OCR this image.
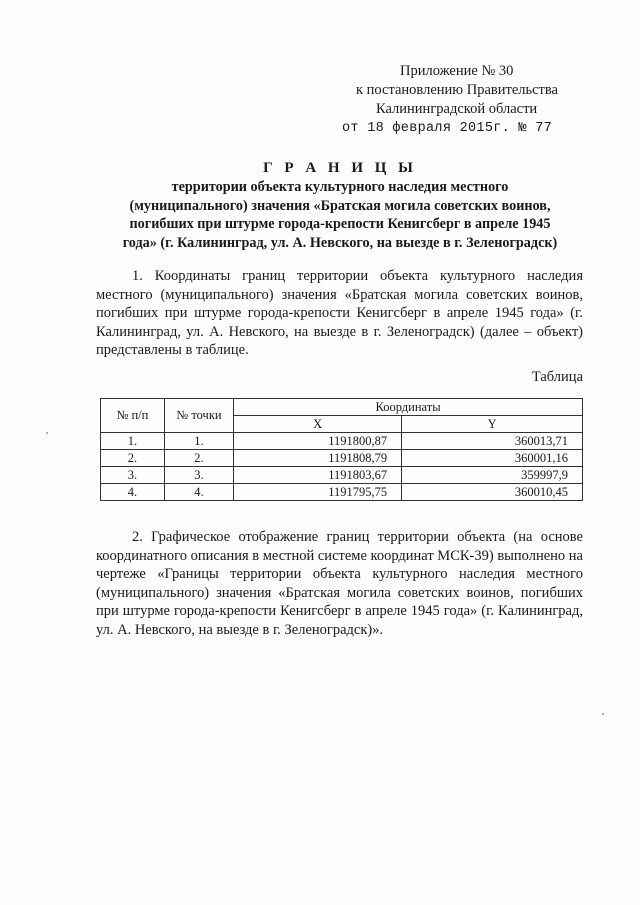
Приложение № 30
к постановлению Правительства
Калининградской области
от 18 февраля 2015г. № 77
Г Р А Н И Ц Ы
территории объекта культурного наследия местного
(муниципального) значения «Братская могила советских воинов,
погибших при штурме города-крепости Кенигсберг в апреле 1945
года» (г. Калининград, ул. А. Невского, на выезде в г. Зеленоградск)
1. Координаты границ территории объекта культурного наследия местного (муниципального) значения «Братская могила советских воинов, погибших при штурме города-крепости Кенигсберг в апреле 1945 года» (г. Калининград, ул. А. Невского, на выезде в г. Зеленоградск) (далее – объект) представлены в таблице.
Таблица
№ п/п	№ точки	Координаты	
		X	Y
1.	1.	1191800,87	360013,71
2.	2.	1191808,79	360001,16
3.	3.	1191803,67	359997,9
4.	4.	1191795,75	360010,45
2. Графическое отображение границ территории объекта (на основе координатного описания в местной системе координат МСК-39) выполнено на чертеже «Границы территории объекта культурного наследия местного (муниципального) значения «Братская могила советских воинов, погибших при штурме города-крепости Кенигсберг в апреле 1945 года» (г. Калининград, ул. А. Невского, на выезде в г. Зеленоградск)».
